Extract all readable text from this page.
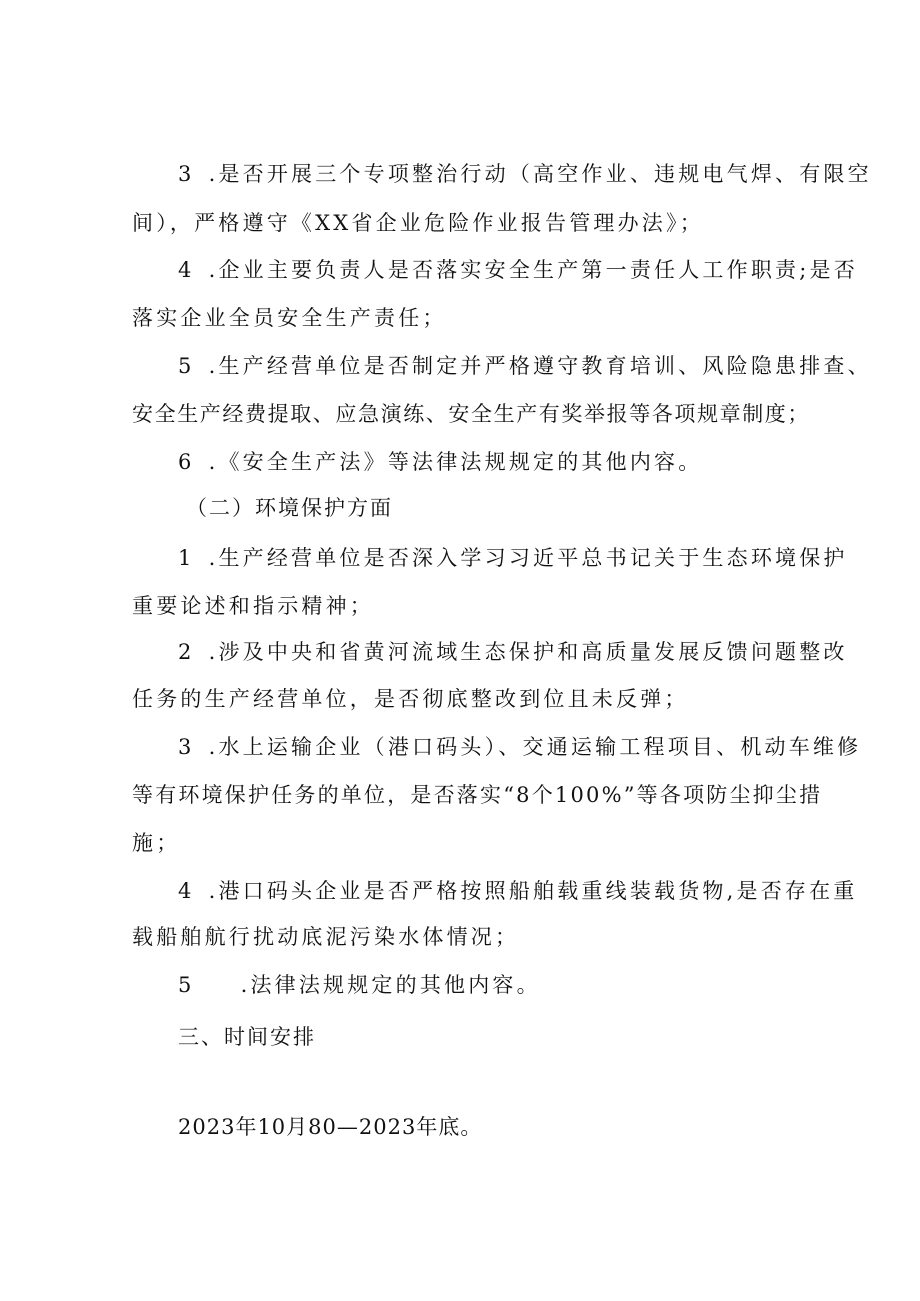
3 .是否开展三个专项整治行动（高空作业、违规电气焊、有限空
间），严格遵守《XX省企业危险作业报告管理办法》；
4 .企业主要负责人是否落实安全生产第一责任人工作职责;是否
落实企业全员安全生产责任；
5 .生产经营单位是否制定并严格遵守教育培训、风险隐患排查、
安全生产经费提取、应急演练、安全生产有奖举报等各项规章制度；
6 .《安全生产法》等法律法规规定的其他内容。
（二）环境保护方面
1 .生产经营单位是否深入学习习近平总书记关于生态环境保护
重要论述和指示精神；
2 .涉及中央和省黄河流域生态保护和高质量发展反馈问题整改
任务的生产经营单位，是否彻底整改到位且未反弹；
3 .水上运输企业（港口码头）、交通运输工程项目、机动车维修
等有环境保护任务的单位，是否落实“8个100%”等各项防尘抑尘措
施；
4 .港口码头企业是否严格按照船舶载重线装载货物,是否存在重
载船舶航行扰动底泥污染水体情况；
5 .法律法规规定的其他内容。
三、时间安排
2023年10月80—2023年底。
